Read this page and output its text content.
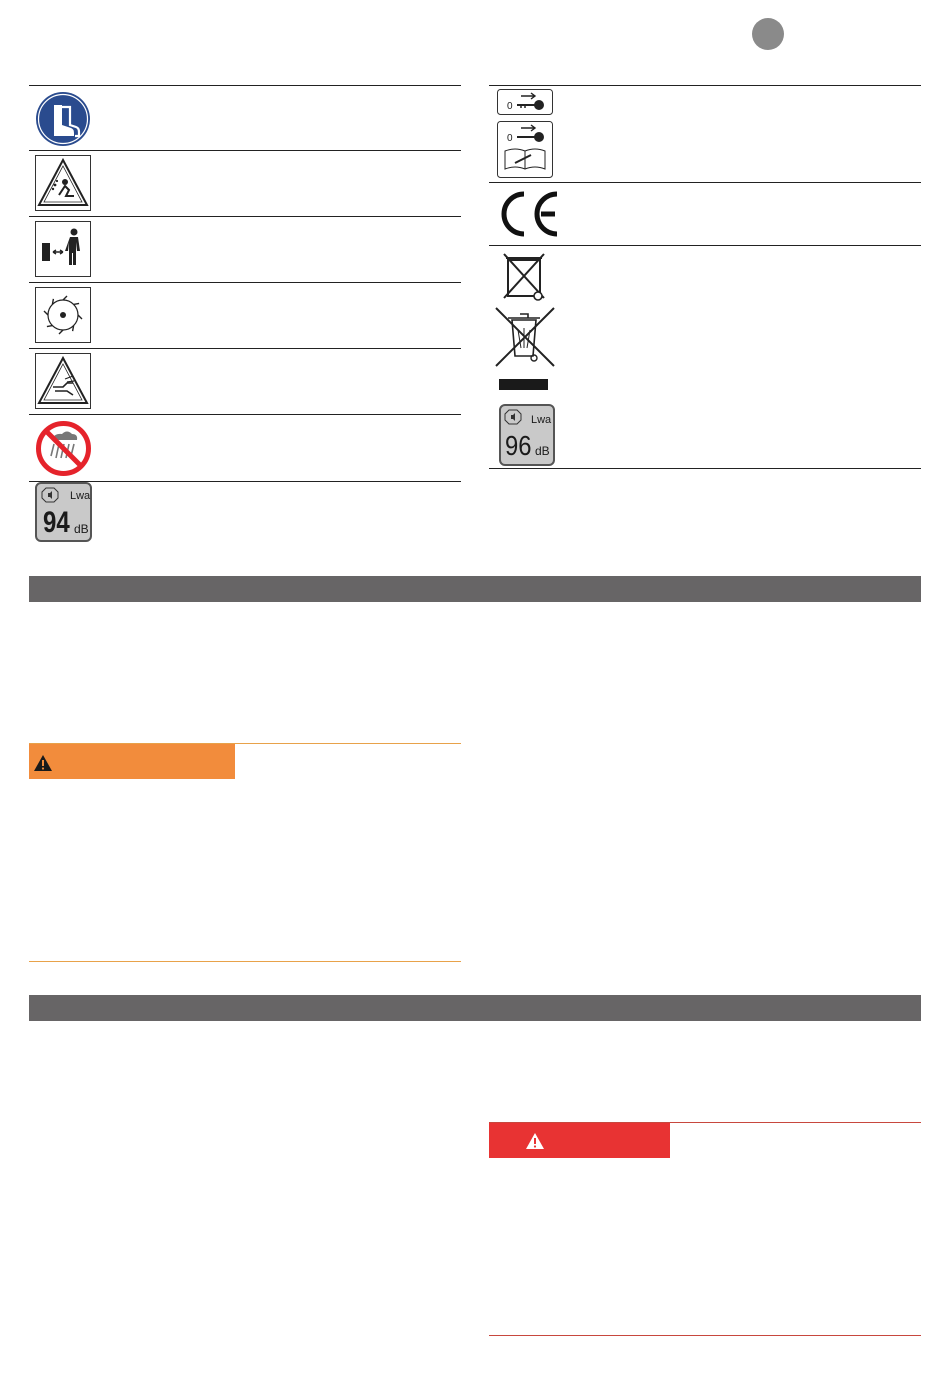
Lwa
94 dB
0
0
Lwa
96 dB
